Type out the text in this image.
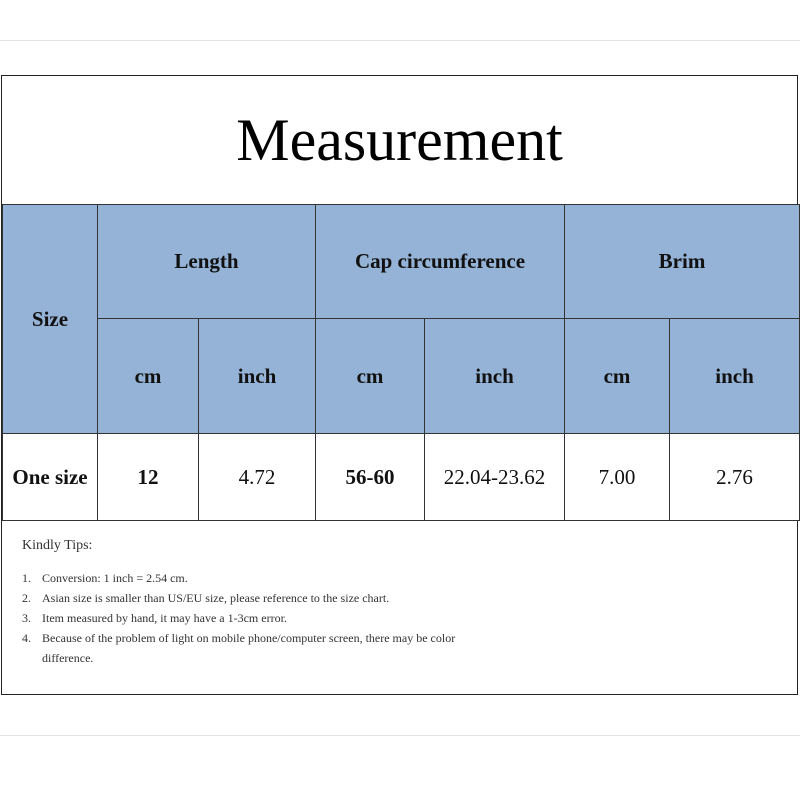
Measurement
Size	Length		Cap circumference		Brim	
	cm	inch	cm	inch	cm	inch
One size	12	4.72	56-60	22.04-23.62	7.00	2.76

Kindly Tips:

1. Conversion: 1 inch = 2.54 cm.
2. Asian size is smaller than US/EU size, please reference to the size chart.
3. Item measured by hand, it may have a 1-3cm error.
4. Because of the problem of light on mobile phone/computer screen, there may be color difference.
